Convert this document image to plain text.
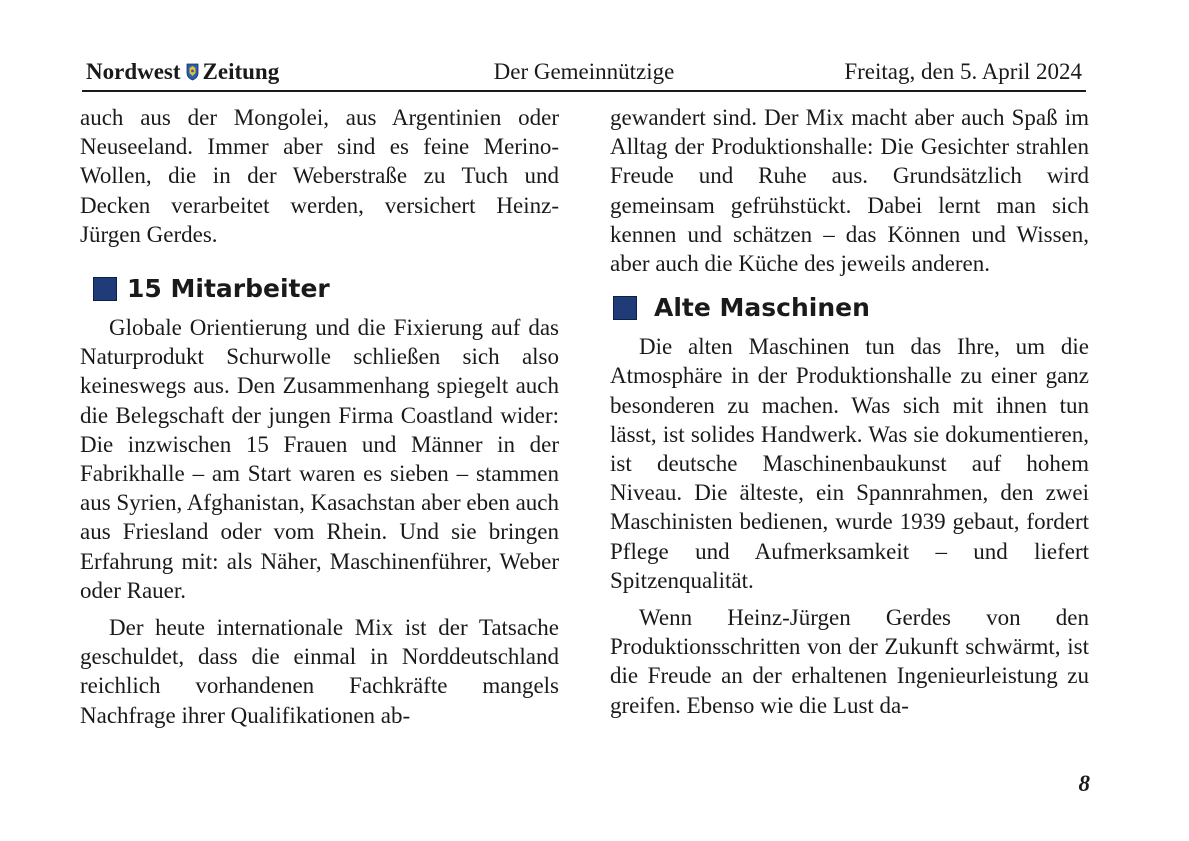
Nordwest Zeitung	Der Gemeinnützige	Freitag, den 5. April 2024

auch aus der Mongolei, aus Argentinien oder Neuseeland. Immer aber sind es feine Merino-Wollen, die in der Weberstraße zu Tuch und Decken verarbeitet werden, versichert Heinz-Jürgen Gerdes.

15 Mitarbeiter

Globale Orientierung und die Fixierung auf das Naturprodukt Schurwolle schließen sich also keineswegs aus. Den Zusammenhang spiegelt auch die Belegschaft der jungen Firma Coastland wider: Die inzwischen 15 Frauen und Männer in der Fabrikhalle – am Start waren es sieben – stammen aus Syrien, Afghanistan, Kasachstan aber eben auch aus Friesland oder vom Rhein. Und sie bringen Erfahrung mit: als Näher, Maschinenführer, Weber oder Rauer.

Der heute internationale Mix ist der Tatsache geschuldet, dass die einmal in Norddeutschland reichlich vorhandenen Fachkräfte mangels Nachfrage ihrer Qualifikationen ab-

gewandert sind. Der Mix macht aber auch Spaß im Alltag der Produktionshalle: Die Gesichter strahlen Freude und Ruhe aus. Grundsätzlich wird gemeinsam gefrühstückt. Dabei lernt man sich kennen und schätzen – das Können und Wissen, aber auch die Küche des jeweils anderen.

Alte Maschinen

Die alten Maschinen tun das Ihre, um die Atmosphäre in der Produktionshalle zu einer ganz besonderen zu machen. Was sich mit ihnen tun lässt, ist solides Handwerk. Was sie dokumentieren, ist deutsche Maschinenbaukunst auf hohem Niveau. Die älteste, ein Spannrahmen, den zwei Maschinisten bedienen, wurde 1939 gebaut, fordert Pflege und Aufmerksamkeit – und liefert Spitzenqualität.

Wenn Heinz-Jürgen Gerdes von den Produktionsschritten von der Zukunft schwärmt, ist die Freude an der erhaltenen Ingenieurleistung zu greifen. Ebenso wie die Lust da-

8
